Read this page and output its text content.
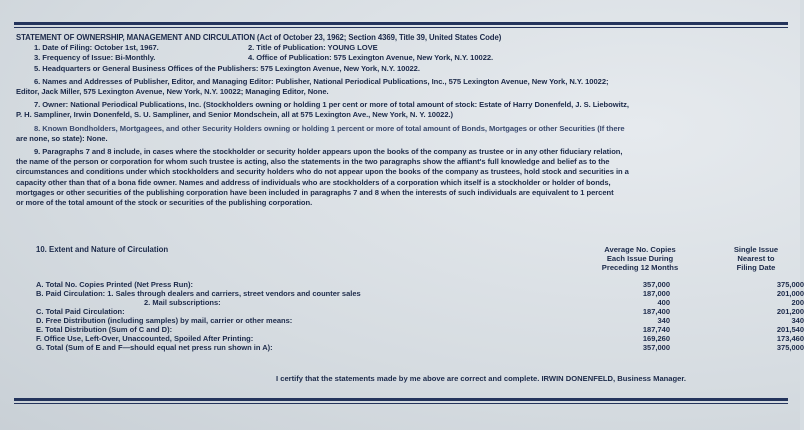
STATEMENT OF OWNERSHIP, MANAGEMENT AND CIRCULATION (Act of October 23, 1962; Section 4369, Title 39, United States Code)
1. Date of Filing: October 1st, 1967.	2. Title of Publication: YOUNG LOVE
3. Frequency of Issue: Bi-Monthly.	4. Office of Publication: 575 Lexington Avenue, New York, N.Y. 10022.
5. Headquarters or General Business Offices of the Publishers: 575 Lexington Avenue, New York, N.Y. 10022.
6. Names and Addresses of Publisher, Editor, and Managing Editor: Publisher, National Periodical Publications, Inc., 575 Lexington Avenue, New York, N.Y. 10022;
Editor, Jack Miller, 575 Lexington Avenue, New York, N.Y. 10022; Managing Editor, None.
7. Owner: National Periodical Publications, Inc. (Stockholders owning or holding 1 per cent or more of total amount of stock: Estate of Harry Donenfeld, J. S. Liebowitz,
P. H. Sampliner, Irwin Donenfeld, S. U. Sampliner, and Senior Mondschein, all at 575 Lexington Ave., New York, N. Y. 10022.)
8. Known Bondholders, Mortgagees, and other Security Holders owning or holding 1 percent or more of total amount of Bonds, Mortgages or other Securities (If there
are none, so state): None.
9. Paragraphs 7 and 8 include, in cases where the stockholder or security holder appears upon the books of the company as trustee or in any other fiduciary relation,
the name of the person or corporation for whom such trustee is acting, also the statements in the two paragraphs show the affiant's full knowledge and belief as to the
circumstances and conditions under which stockholders and security holders who do not appear upon the books of the company as trustees, hold stock and securities in a
capacity other than that of a bona fide owner. Names and address of individuals who are stockholders of a corporation which itself is a stockholder or holder of bonds,
mortgages or other securities of the publishing corporation have been included in paragraphs 7 and 8 when the interests of such individuals are equivalent to 1 percent
or more of the total amount of the stock or securities of the publishing corporation.
10. Extent and Nature of Circulation	Average No. Copies
Each Issue During
Preceding 12 Months
Single Issue
Nearest to
Filing Date
A. Total No. Copies Printed (Net Press Run):	357,000	375,000
B. Paid Circulation: 1. Sales through dealers and carriers, street vendors and counter sales	187,000	201,000
2. Mail subscriptions:	400	200
C. Total Paid Circulation:	187,400	201,200
D. Free Distribution (including samples) by mail, carrier or other means:	340	340
E. Total Distribution (Sum of C and D):	187,740	201,540
F. Office Use, Left-Over, Unaccounted, Spoiled After Printing:	169,260	173,460
G. Total (Sum of E and F—should equal net press run shown in A):	357,000	375,000
I certify that the statements made by me above are correct and complete. IRWIN DONENFELD, Business Manager.
